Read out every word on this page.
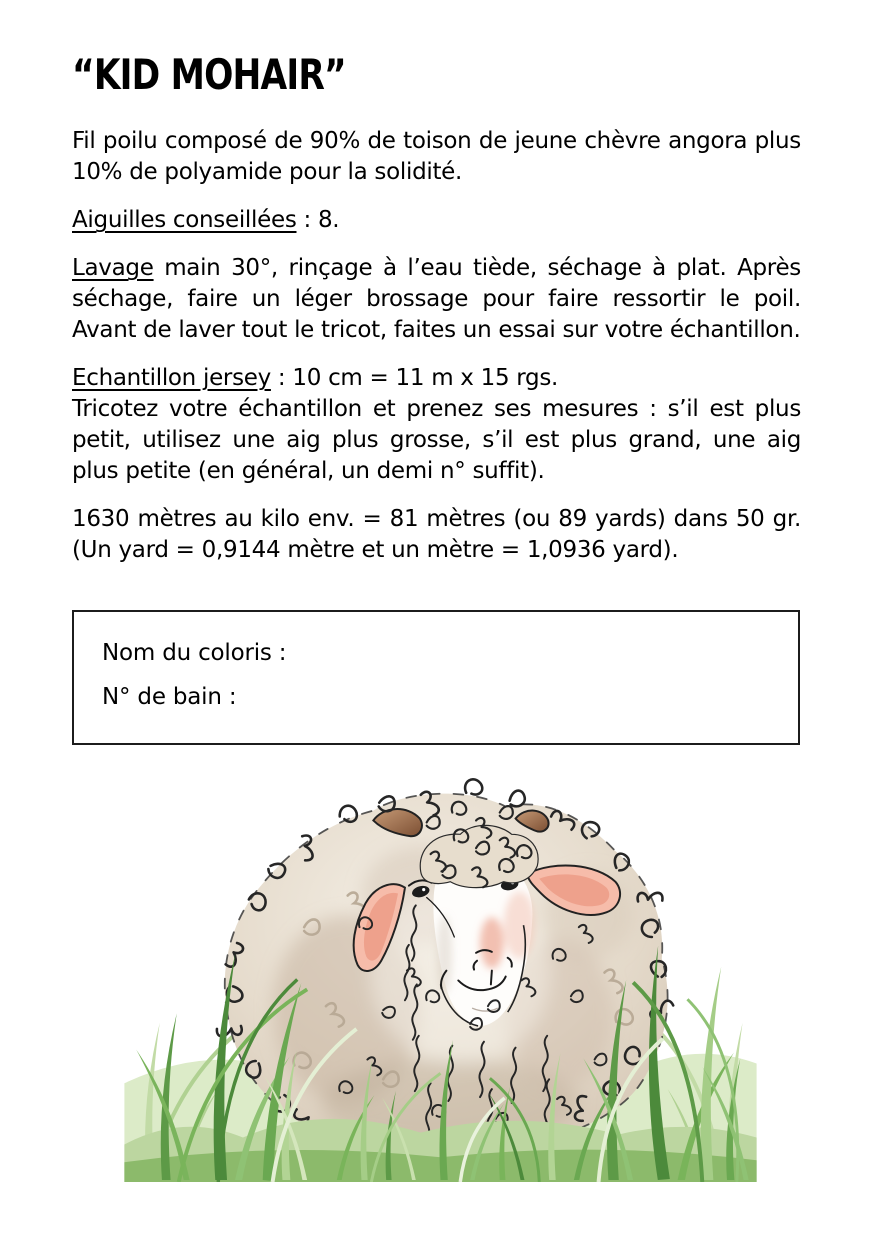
“KID MOHAIR”

Fil poilu composé de 90% de toison de jeune chèvre angora plus 10% de polyamide pour la solidité.

Aiguilles conseillées : 8.

Lavage main 30°, rinçage à l’eau tiède, séchage à plat. Après séchage, faire un léger brossage pour faire ressortir le poil. Avant de laver tout le tricot, faites un essai sur votre échantillon.

Echantillon jersey : 10 cm = 11 m x 15 rgs.

Tricotez votre échantillon et prenez ses mesures : s’il est plus petit, utilisez une aig plus grosse, s’il est plus grand, une aig plus petite (en général, un demi n° suffit).

1630 mètres au kilo env. = 81 mètres (ou 89 yards) dans 50 gr. (Un yard = 0,9144 mètre et un mètre = 1,0936 yard).

Nom du coloris :

N° de bain :
